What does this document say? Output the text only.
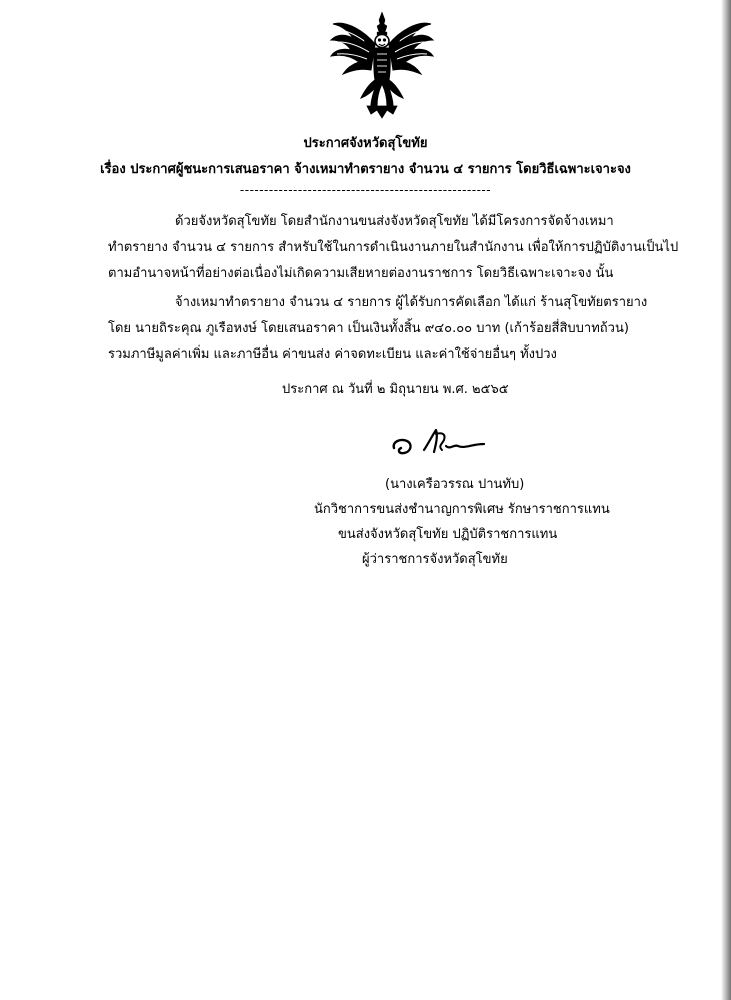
ประกาศจังหวัดสุโขทัย
เรื่อง ประกาศผู้ชนะการเสนอราคา จ้างเหมาทำตรายาง จำนวน ๔ รายการ โดยวิธีเฉพาะเจาะจง
----------------------------------------------------
ด้วยจังหวัดสุโขทัย โดยสำนักงานขนส่งจังหวัดสุโขทัย ได้มีโครงการจัดจ้างเหมา
ทำตรายาง จำนวน ๔ รายการ สำหรับใช้ในการดำเนินงานภายในสำนักงาน เพื่อให้การปฏิบัติงานเป็นไป
ตามอำนาจหน้าที่อย่างต่อเนื่องไม่เกิดความเสียหายต่องานราชการ โดยวิธีเฉพาะเจาะจง นั้น
จ้างเหมาทำตรายาง จำนวน ๔ รายการ ผู้ได้รับการคัดเลือก ได้แก่ ร้านสุโขทัยตรายาง
โดย นายถิระคุณ ภูเรือหงษ์ โดยเสนอราคา เป็นเงินทั้งสิ้น ๙๔๐.๐๐ บาท (เก้าร้อยสี่สิบบาทถ้วน)
รวมภาษีมูลค่าเพิ่ม และภาษีอื่น ค่าขนส่ง ค่าจดทะเบียน และค่าใช้จ่ายอื่นๆ ทั้งปวง
ประกาศ ณ วันที่ ๒ มิถุนายน พ.ศ. ๒๕๖๕
(นางเครือวรรณ ปานทับ)
นักวิชาการขนส่งชำนาญการพิเศษ รักษาราชการแทน
ขนส่งจังหวัดสุโขทัย ปฏิบัติราชการแทน
ผู้ว่าราชการจังหวัดสุโขทัย
